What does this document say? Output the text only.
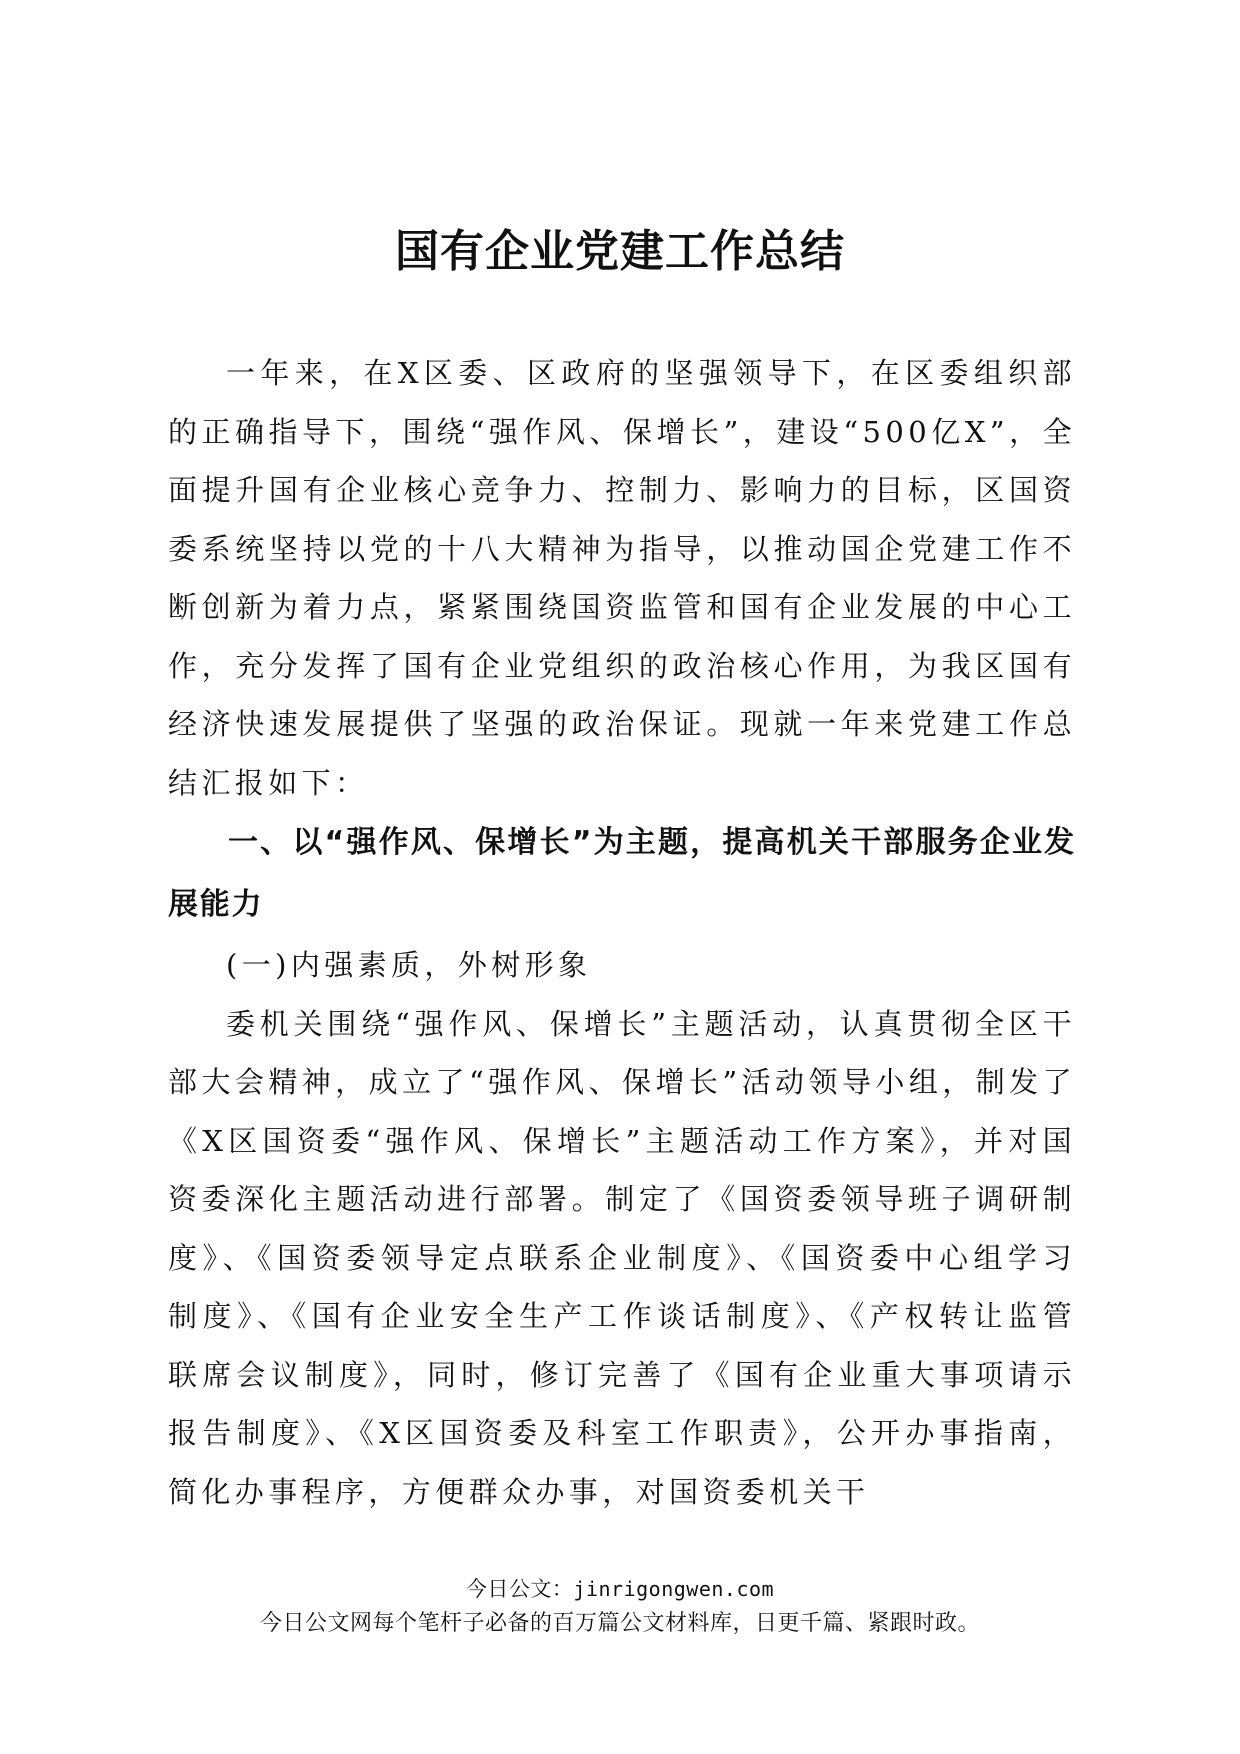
国有企业党建工作总结

一年来，在X区委、区政府的坚强领导下，在区委组织部的正确指导下，围绕“强作风、保增长”，建设“500亿X”，全面提升国有企业核心竞争力、控制力、影响力的目标，区国资委系统坚持以党的十八大精神为指导，以推动国企党建工作不断创新为着力点，紧紧围绕国资监管和国有企业发展的中心工作，充分发挥了国有企业党组织的政治核心作用，为我区国有经济快速发展提供了坚强的政治保证。现就一年来党建工作总结汇报如下：

一、以“强作风、保增长”为主题，提高机关干部服务企业发展能力

(一)内强素质，外树形象

委机关围绕“强作风、保增长”主题活动，认真贯彻全区干部大会精神，成立了“强作风、保增长”活动领导小组，制发了《X区国资委“强作风、保增长”主题活动工作方案》，并对国资委深化主题活动进行部署。制定了《国资委领导班子调研制度》、《国资委领导定点联系企业制度》、《国资委中心组学习制度》、《国有企业安全生产工作谈话制度》、《产权转让监管联席会议制度》，同时，修订完善了《国有企业重大事项请示报告制度》、《X区国资委及科室工作职责》，公开办事指南，简化办事程序，方便群众办事，对国资委机关干

今日公文：jinrigongwen.com
今日公文网每个笔杆子必备的百万篇公文材料库，日更千篇、紧跟时政。
